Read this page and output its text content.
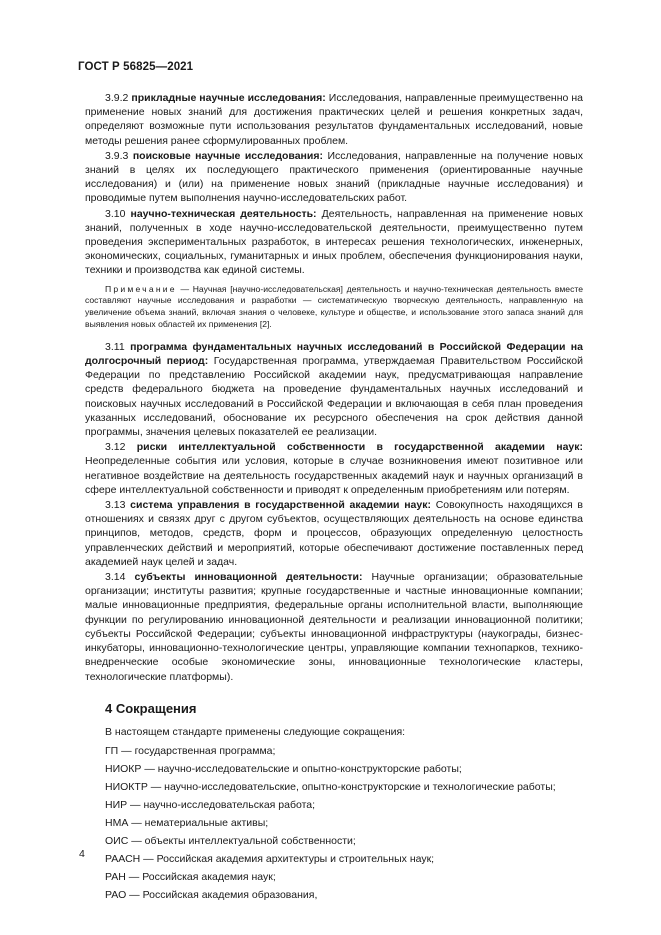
ГОСТ Р 56825—2021

3.9.2 прикладные научные исследования: Исследования, направленные преимущественно на применение новых знаний для достижения практических целей и решения конкретных задач, определяют возможные пути использования результатов фундаментальных исследований, новые методы решения ранее сформулированных проблем.

3.9.3 поисковые научные исследования: Исследования, направленные на получение новых знаний в целях их последующего практического применения (ориентированные научные исследования) и (или) на применение новых знаний (прикладные научные исследования) и проводимые путем выполнения научно-исследовательских работ.

3.10 научно-техническая деятельность: Деятельность, направленная на применение новых знаний, полученных в ходе научно-исследовательской деятельности, преимущественно путем проведения экспериментальных разработок, в интересах решения технологических, инженерных, экономических, социальных, гуманитарных и иных проблем, обеспечения функционирования науки, техники и производства как единой системы.

Примечание — Научная [научно-исследовательская] деятельность и научно-техническая деятельность вместе составляют научные исследования и разработки — систематическую творческую деятельность, направленную на увеличение объема знаний, включая знания о человеке, культуре и обществе, и использование этого запаса знаний для выявления новых областей их применения [2].

3.11 программа фундаментальных научных исследований в Российской Федерации на долгосрочный период: Государственная программа, утверждаемая Правительством Российской Федерации по представлению Российской академии наук, предусматривающая направление средств федерального бюджета на проведение фундаментальных научных исследований и поисковых научных исследований в Российской Федерации и включающая в себя план проведения указанных исследований, обоснование их ресурсного обеспечения на срок действия данной программы, значения целевых показателей ее реализации.

3.12 риски интеллектуальной собственности в государственной академии наук: Неопределенные события или условия, которые в случае возникновения имеют позитивное или негативное воздействие на деятельность государственных академий наук и научных организаций в сфере интеллектуальной собственности и приводят к определенным приобретениям или потерям.

3.13 система управления в государственной академии наук: Совокупность находящихся в отношениях и связях друг с другом субъектов, осуществляющих деятельность на основе единства принципов, методов, средств, форм и процессов, образующих определенную целостность управленческих действий и мероприятий, которые обеспечивают достижение поставленных перед академией наук целей и задач.

3.14 субъекты инновационной деятельности: Научные организации; образовательные организации; институты развития; крупные государственные и частные инновационные компании; малые инновационные предприятия, федеральные органы исполнительной власти, выполняющие функции по регулированию инновационной деятельности и реализации инновационной политики; субъекты Российской Федерации; субъекты инновационной инфраструктуры (наукограды, бизнес-инкубаторы, инновационно-технологические центры, управляющие компании технопарков, технико-внедренческие особые экономические зоны, инновационные технологические кластеры, технологические платформы).

4 Сокращения

В настоящем стандарте применены следующие сокращения:

ГП — государственная программа;
НИОКР — научно-исследовательские и опытно-конструкторские работы;
НИОКТР — научно-исследовательские, опытно-конструкторские и технологические работы;
НИР — научно-исследовательская работа;
НМА — нематериальные активы;
ОИС — объекты интеллектуальной собственности;
РААСН — Российская академия архитектуры и строительных наук;
РАН — Российская академия наук;
РАО — Российская академия образования,
4
